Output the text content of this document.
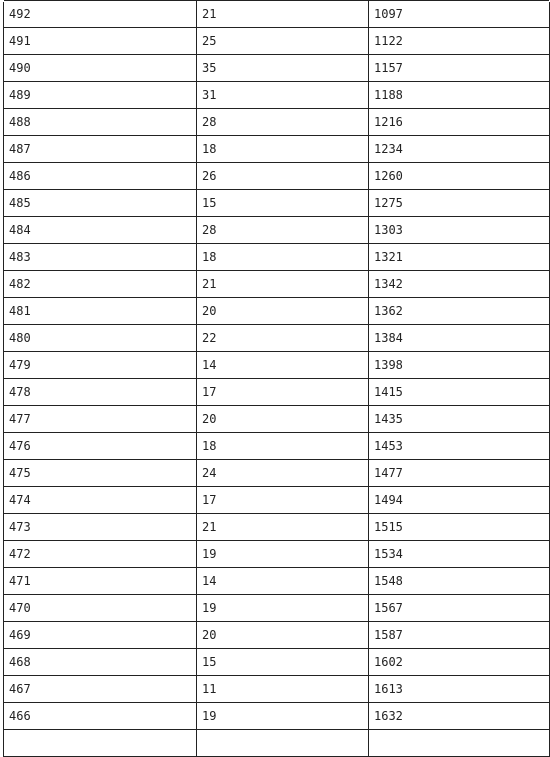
492	21	1097
491	25	1122
490	35	1157
489	31	1188
488	28	1216
487	18	1234
486	26	1260
485	15	1275
484	28	1303
483	18	1321
482	21	1342
481	20	1362
480	22	1384
479	14	1398
478	17	1415
477	20	1435
476	18	1453
475	24	1477
474	17	1494
473	21	1515
472	19	1534
471	14	1548
470	19	1567
469	20	1587
468	15	1602
467	11	1613
466	19	1632
